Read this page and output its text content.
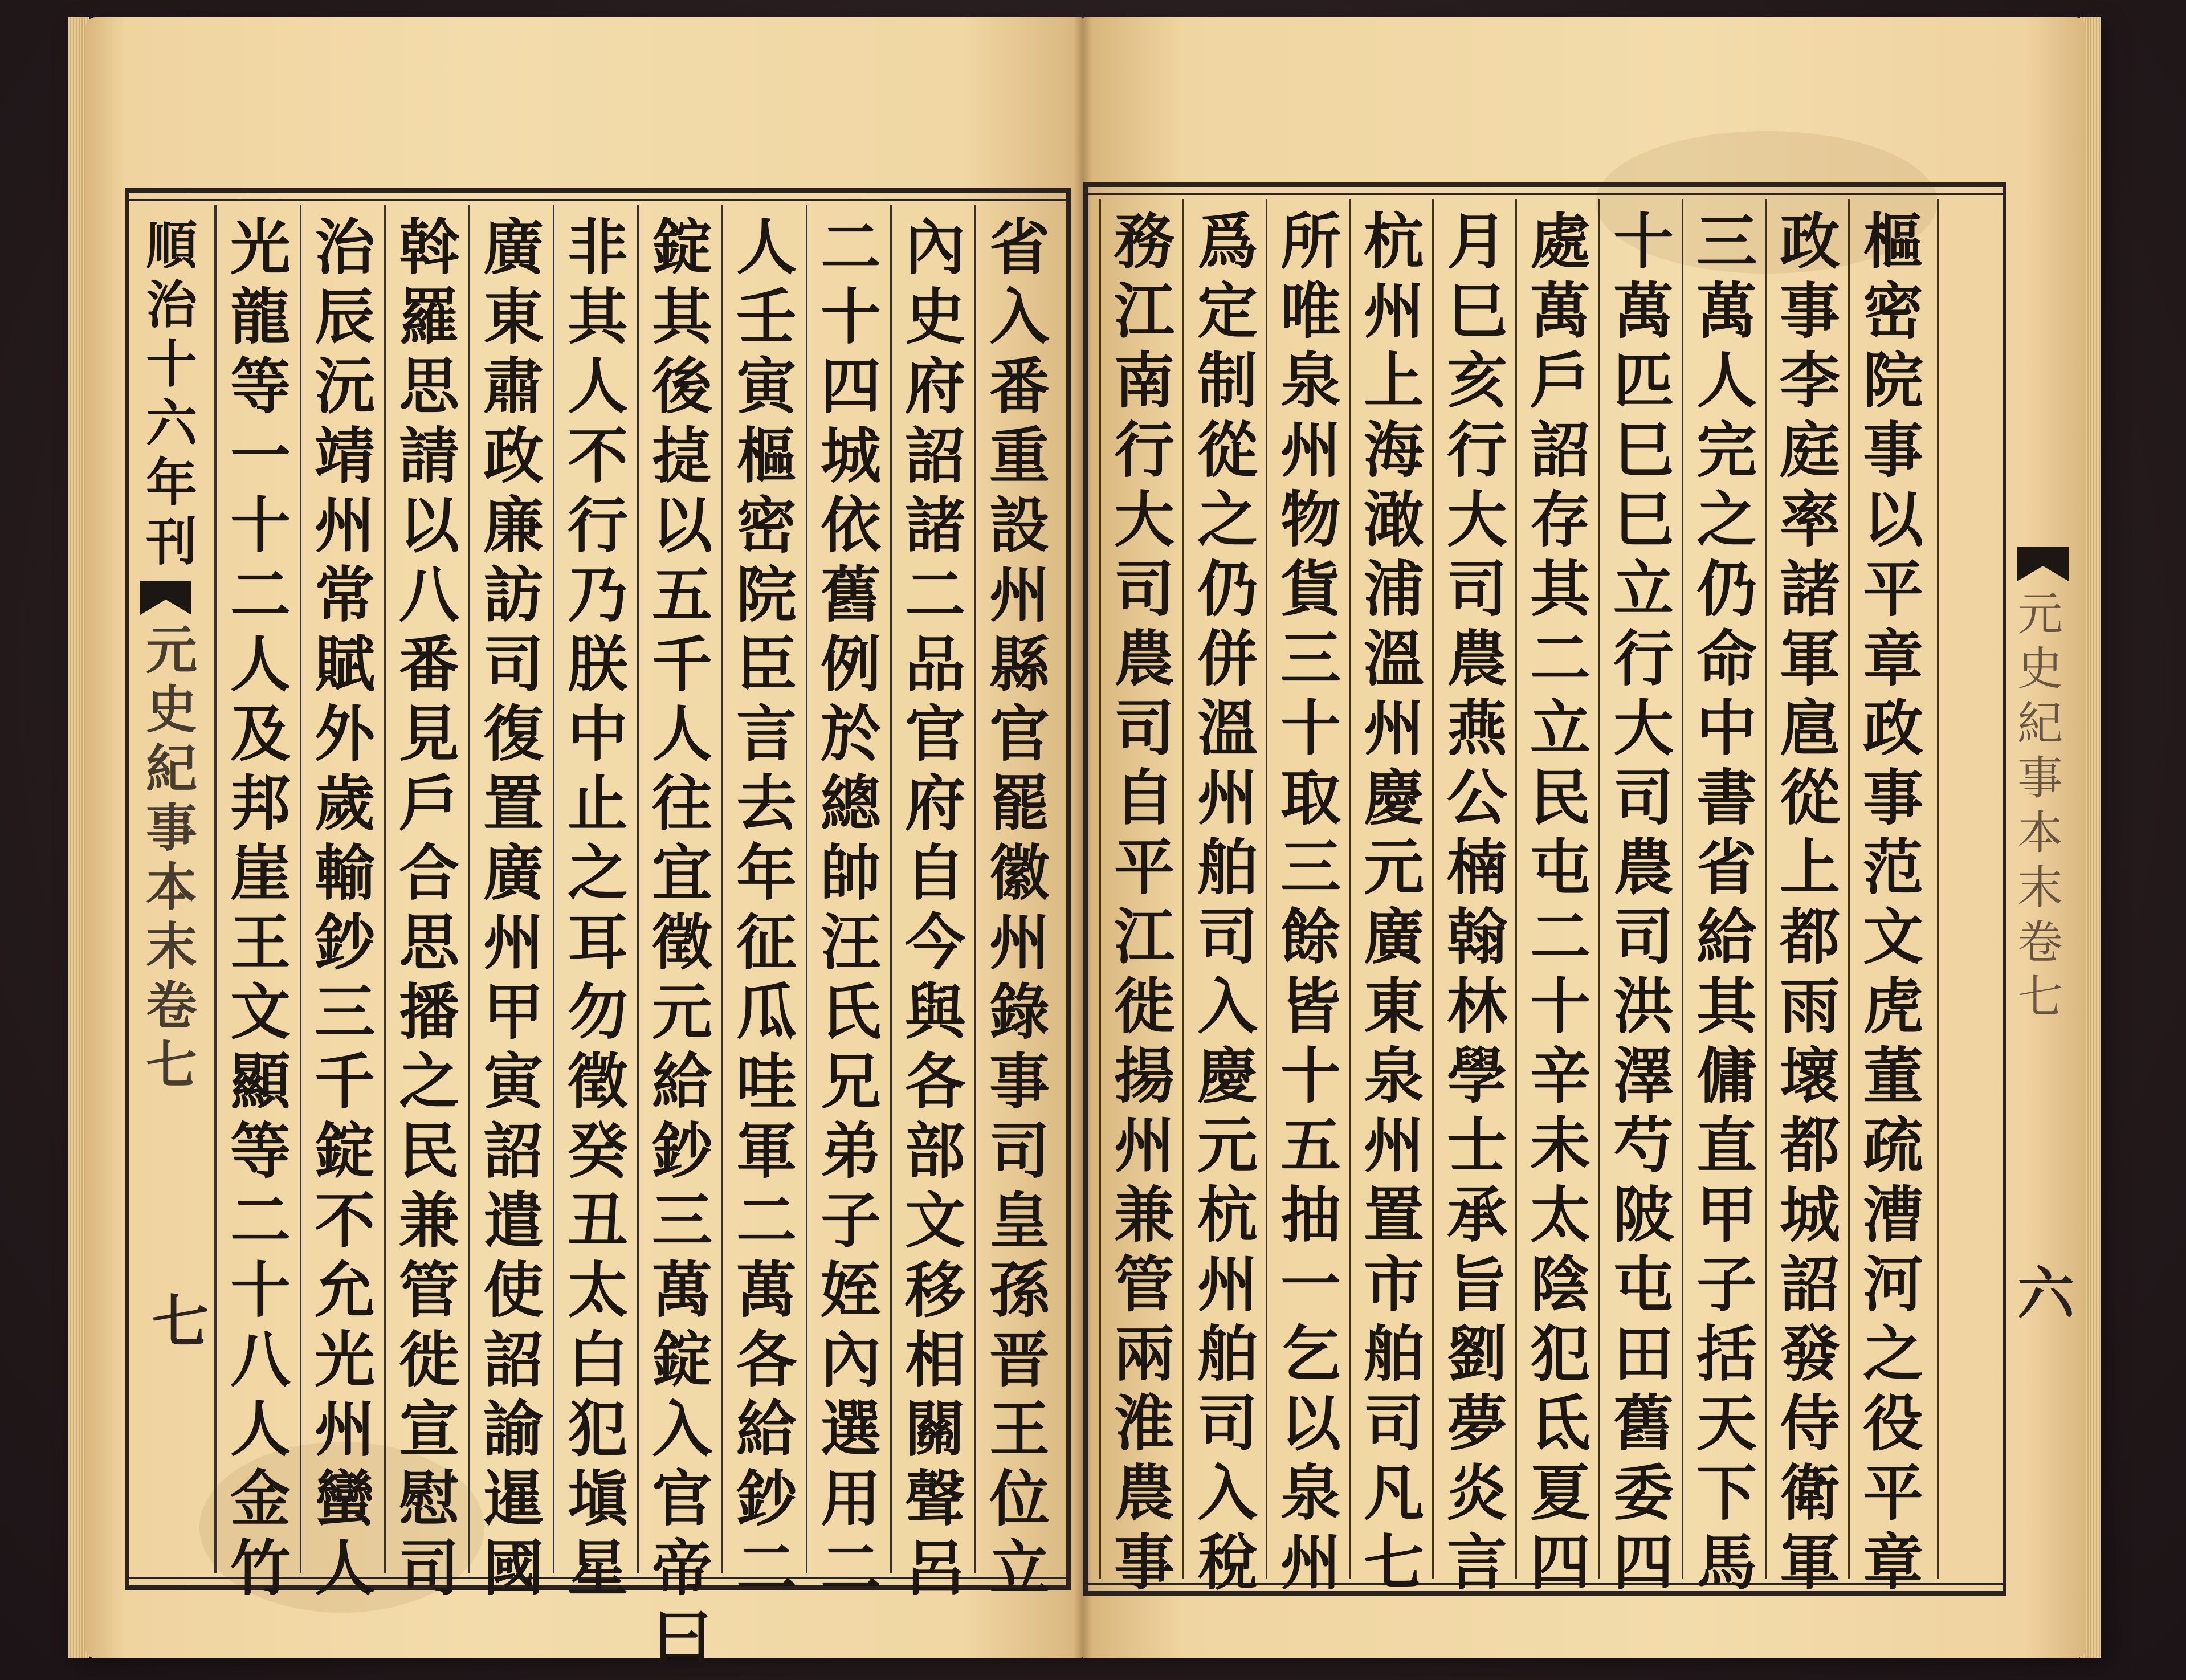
順
治
十
六
年
刊
元
史
紀
事
本
末
卷
七
七
省
入
番
重
設
州
縣
官
罷
徽
州
錄
事
司
皇
孫
晋
王
位
立
內
史
府
詔
諸
二
品
官
府
自
今
與
各
部
文
移
相
關
聲
呂
二
十
四
城
依
舊
例
於
總
帥
汪
氏
兄
弟
子
姪
內
選
用
二
人
壬
寅
樞
密
院
臣
言
去
年
征
瓜
哇
軍
二
萬
各
給
鈔
二
錠
其
後
㨗
以
五
千
人
往
宜
徵
元
給
鈔
三
萬
錠
入
官
帝
曰
非
其
人
不
行
乃
朕
中
止
之
耳
勿
徵
癸
丑
太
白
犯
塡
星
廣
東
肅
政
廉
訪
司
復
置
廣
州
甲
寅
詔
遣
使
詔
諭
暹
國
斡
羅
思
請
以
八
番
見
戶
合
思
播
之
民
兼
管
徙
宣
慰
司
治
辰
沅
靖
州
常
賦
外
歲
輸
鈔
三
千
錠
不
允
光
州
蠻
人
光
龍
等
一
十
二
人
及
邦
崖
王
文
顯
等
二
十
八
人
金
竹
樞
密
院
事
以
平
章
政
事
范
文
虎
董
疏
漕
河
之
役
平
章
政
事
李
庭
率
諸
軍
扈
從
上
都
雨
壞
都
城
詔
發
侍
衛
軍
三
萬
人
完
之
仍
命
中
書
省
給
其
傭
直
甲
子
括
天
下
馬
十
萬
匹
巳
巳
立
行
大
司
農
司
洪
澤
芍
陂
屯
田
舊
委
四
處
萬
戶
詔
存
其
二
立
民
屯
二
十
辛
未
太
陰
犯
氐
夏
四
月
巳
亥
行
大
司
農
燕
公
楠
翰
林
學
士
承
旨
劉
夢
炎
言
杭
州
上
海
澉
浦
溫
州
慶
元
廣
東
泉
州
置
市
舶
司
凡
七
所
唯
泉
州
物
貨
三
十
取
三
餘
皆
十
五
抽
一
乞
以
泉
州
爲
定
制
從
之
仍
併
溫
州
舶
司
入
慶
元
杭
州
舶
司
入
稅
務
江
南
行
大
司
農
司
自
平
江
徙
揚
州
兼
管
兩
淮
農
事
元
史
紀
事
本
末
卷
七
六
